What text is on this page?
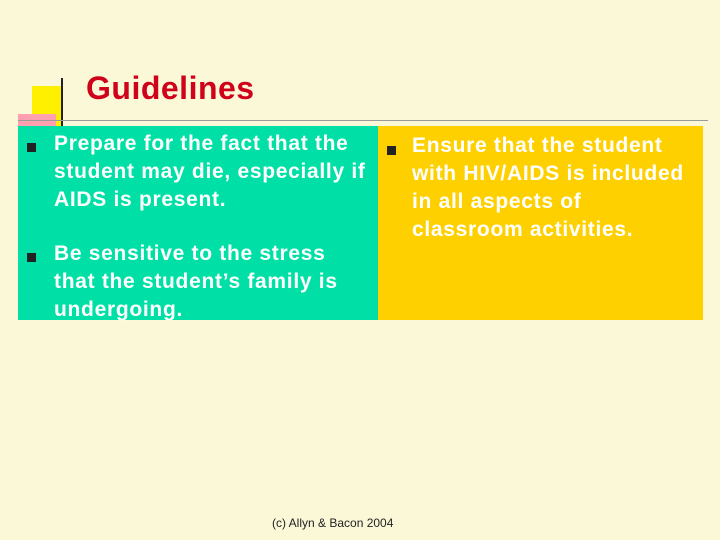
Guidelines
Prepare for the fact that the student may die, especially if AIDS is present.
Be sensitive to the stress that the student’s family is undergoing.
Ensure that the student with HIV/AIDS is included in all aspects of classroom activities.
(c) Allyn & Bacon 2004
